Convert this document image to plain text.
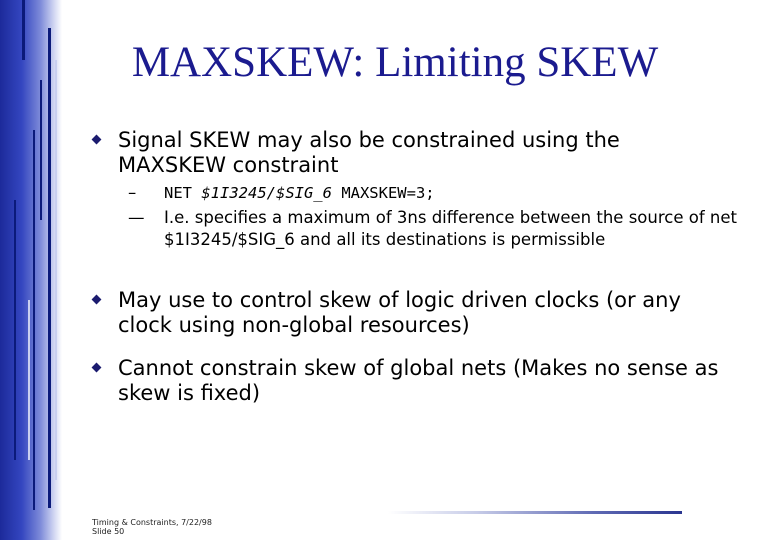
MAXSKEW: Limiting SKEW
Signal SKEW may also be constrained using the MAXSKEW constraint
– NET $1I3245/$SIG_6 MAXSKEW=3;
— I.e. specifies a maximum of 3ns difference between the source of net $1I3245/$SIG_6 and all its destinations is permissible
May use to control skew of logic driven clocks (or any clock using non-global resources)
Cannot constrain skew of global nets (Makes no sense as skew is fixed)
Timing & Constraints, 7/22/98
Slide 50
